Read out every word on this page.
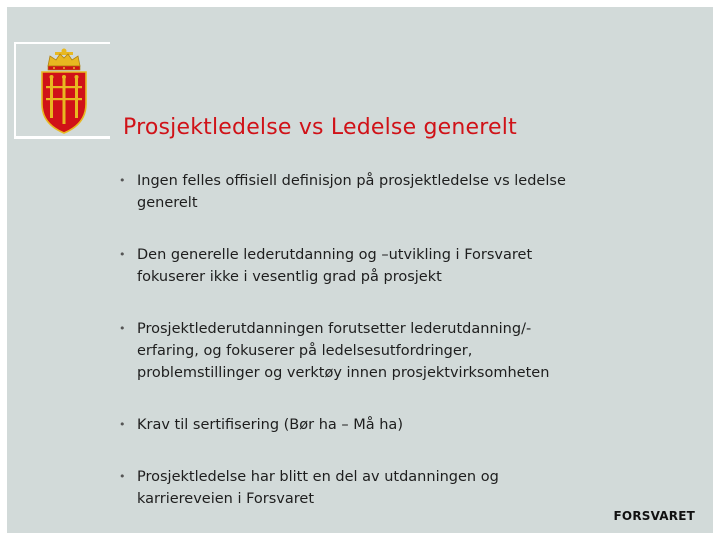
Prosjektledelse vs Ledelse generelt
• Ingen felles offisiell definisjon på prosjektledelse vs ledelse
generelt
• Den generelle lederutdanning og –utvikling i Forsvaret
fokuserer ikke i vesentlig grad på prosjekt
• Prosjektlederutdanningen forutsetter lederutdanning/-
erfaring, og fokuserer på ledelsesutfordringer,
problemstillinger og verktøy innen prosjektvirksomheten
• Krav til sertifisering (Bør ha – Må ha)
• Prosjektledelse har blitt en del av utdanningen og
karriereveien i Forsvaret
FORSVARET
